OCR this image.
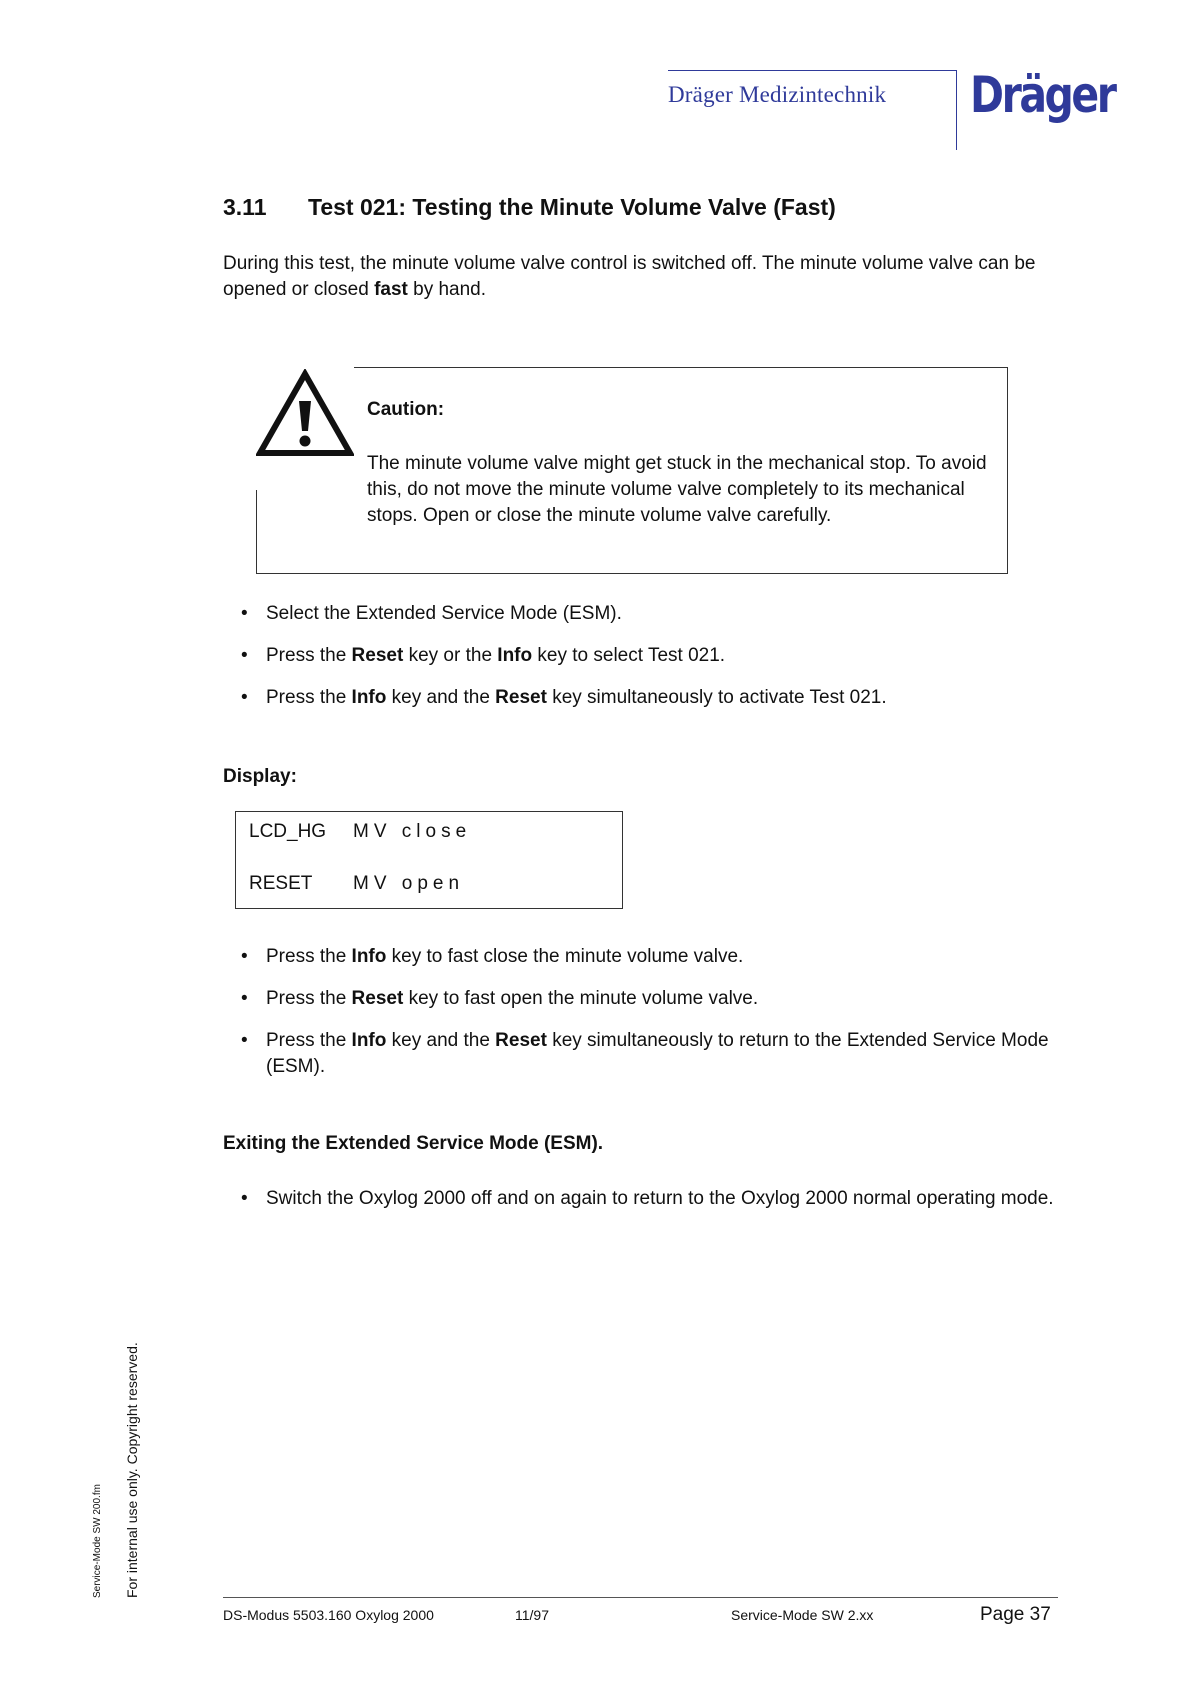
Dräger Medizintechnik Dräger
3.11 Test 021: Testing the Minute Volume Valve (Fast)
During this test, the minute volume valve control is switched off. The minute volume valve can be opened or closed fast by hand.
Caution:
The minute volume valve might get stuck in the mechanical stop. To avoid this, do not move the minute volume valve completely to its mechanical stops. Open or close the minute volume valve carefully.
• Select the Extended Service Mode (ESM).
• Press the Reset key or the Info key to select Test 021.
• Press the Info key and the Reset key simultaneously to activate Test 021.
Display:
LCD_HG MV close
RESET MV open
• Press the Info key to fast close the minute volume valve.
• Press the Reset key to fast open the minute volume valve.
• Press the Info key and the Reset key simultaneously to return to the Extended Service Mode (ESM).
Exiting the Extended Service Mode (ESM).
• Switch the Oxylog 2000 off and on again to return to the Oxylog 2000 normal operating mode.
Service-Mode SW 200.fm For internal use only. Copyright reserved.
DS-Modus 5503.160 Oxylog 2000	11/97	Service-Mode SW 2.xx	Page 37
